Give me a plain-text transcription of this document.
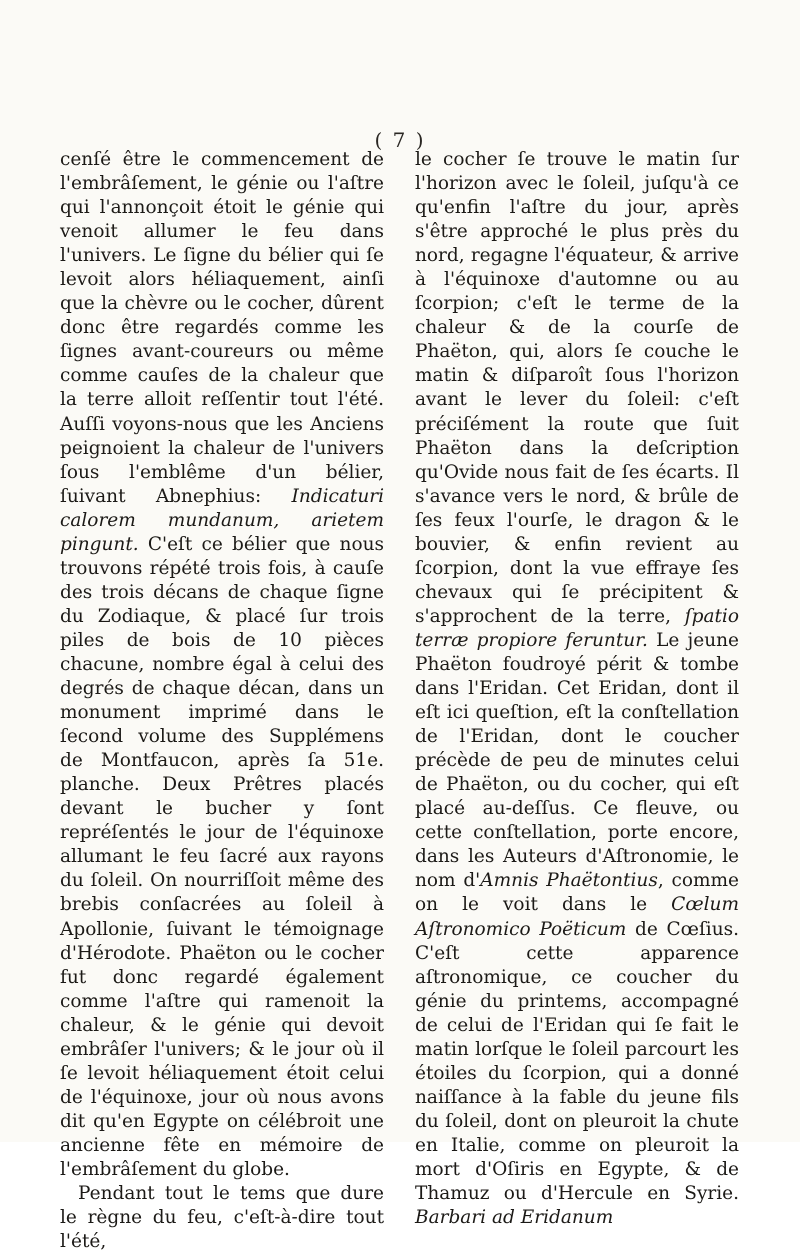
( 7 )

cenſé être le commencement de l'embrâſement, le génie ou l'aſtre qui l'annonçoit étoit le génie qui venoit allumer le feu dans l'univers. Le ſigne du bélier qui ſe levoit alors héliaquement, ainſi que la chèvre ou le cocher, dûrent donc être regardés comme les ſignes avant-coureurs ou même comme cauſes de la chaleur que la terre alloit reſſentir tout l'été. Auſſi voyons-nous que les Anciens peignoient la chaleur de l'univers ſous l'emblême d'un bélier, ſuivant Abnephius: Indicaturi calorem mundanum, arietem pingunt. C'eſt ce bélier que nous trouvons répété trois fois, à cauſe des trois décans de chaque ſigne du Zodiaque, & placé ſur trois piles de bois de 10 pièces chacune, nombre égal à celui des degrés de chaque décan, dans un monument imprimé dans le ſecond volume des Supplémens de Montfaucon, après ſa 51e. planche. Deux Prêtres placés devant le bucher y ſont repréſentés le jour de l'équinoxe allumant le feu ſacré aux rayons du ſoleil. On nourriſſoit même des brebis conſacrées au ſoleil à Apollonie, ſuivant le témoignage d'Hérodote. Phaëton ou le cocher fut donc regardé également comme l'aſtre qui ramenoit la chaleur, & le génie qui devoit embrâſer l'univers; & le jour où il ſe levoit héliaquement étoit celui de l'équinoxe, jour où nous avons dit qu'en Egypte on célébroit une ancienne fête en mémoire de l'embrâſement du globe.

Pendant tout le tems que dure le règne du feu, c'eſt-à-dire tout l'été,

le cocher ſe trouve le matin ſur l'horizon avec le ſoleil, juſqu'à ce qu'enfin l'aſtre du jour, après s'être approché le plus près du nord, regagne l'équateur, & arrive à l'équinoxe d'automne ou au ſcorpion; c'eſt le terme de la chaleur & de la courſe de Phaëton, qui, alors ſe couche le matin & diſparoît ſous l'horizon avant le lever du ſoleil: c'eſt préciſément la route que ſuit Phaëton dans la deſcription qu'Ovide nous fait de ſes écarts. Il s'avance vers le nord, & brûle de ſes feux l'ourſe, le dragon & le bouvier, & enfin revient au ſcorpion, dont la vue effraye ſes chevaux qui ſe précipitent & s'approchent de la terre, ſpatio terræ propiore feruntur. Le jeune Phaëton foudroyé périt & tombe dans l'Eridan. Cet Eridan, dont il eſt ici queſtion, eſt la conſtellation de l'Eridan, dont le coucher précède de peu de minutes celui de Phaëton, ou du cocher, qui eſt placé au-deſſus. Ce fleuve, ou cette conſtellation, porte encore, dans les Auteurs d'Aſtronomie, le nom d'Amnis Phaëtontius, comme on le voit dans le Cœlum Aſtronomico Poëticum de Cœſius. C'eſt cette apparence aſtronomique, ce coucher du génie du printems, accompagné de celui de l'Eridan qui ſe fait le matin lorſque le ſoleil parcourt les étoiles du ſcorpion, qui a donné naiſſance à la fable du jeune fils du ſoleil, dont on pleuroit la chute en Italie, comme on pleuroit la mort d'Oſiris en Egypte, & de Thamuz ou d'Hercule en Syrie. Barbari ad Eridanum
